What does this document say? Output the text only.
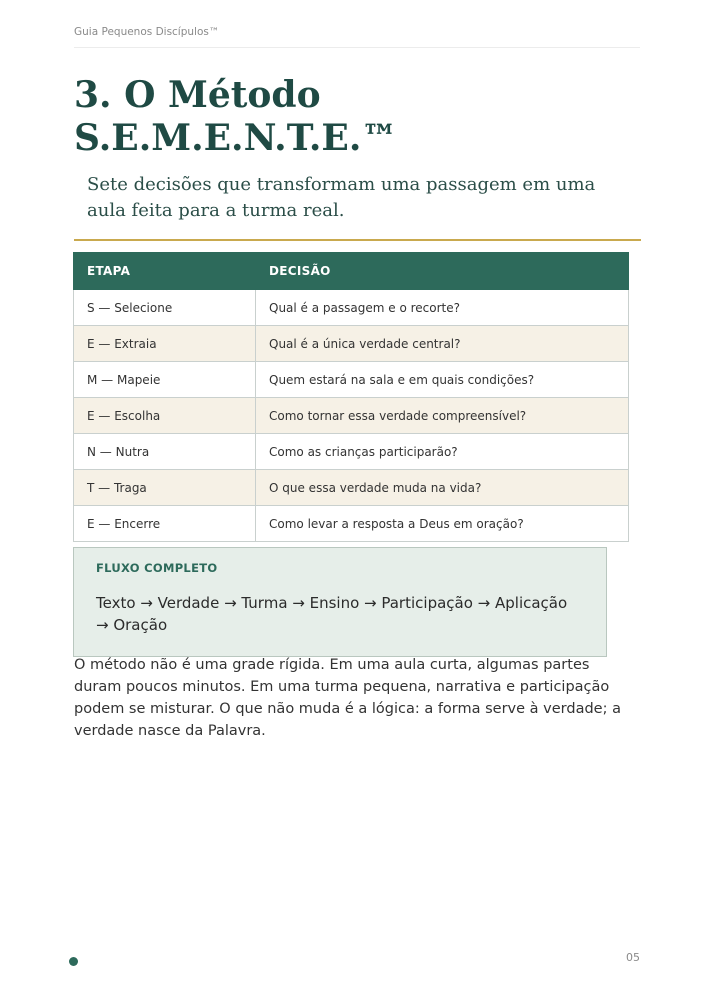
Guia Pequenos Discípulos™
3. O Método
S.E.M.E.N.T.E.™

Sete decisões que transformam uma passagem em uma aula feita para a turma real.

ETAPA	DECISÃO
S — Selecione	Qual é a passagem e o recorte?
E — Extraia	Qual é a única verdade central?
M — Mapeie	Quem estará na sala e em quais condições?
E — Escolha	Como tornar essa verdade compreensível?
N — Nutra	Como as crianças participarão?
T — Traga	O que essa verdade muda na vida?
E — Encerre	Como levar a resposta a Deus em oração?
FLUXO COMPLETO
Texto → Verdade → Turma → Ensino → Participação → Aplicação → Oração

O método não é uma grade rígida. Em uma aula curta, algumas partes duram poucos minutos. Em uma turma pequena, narrativa e participação podem se misturar. O que não muda é a lógica: a forma serve à verdade; a verdade nasce da Palavra.

05
